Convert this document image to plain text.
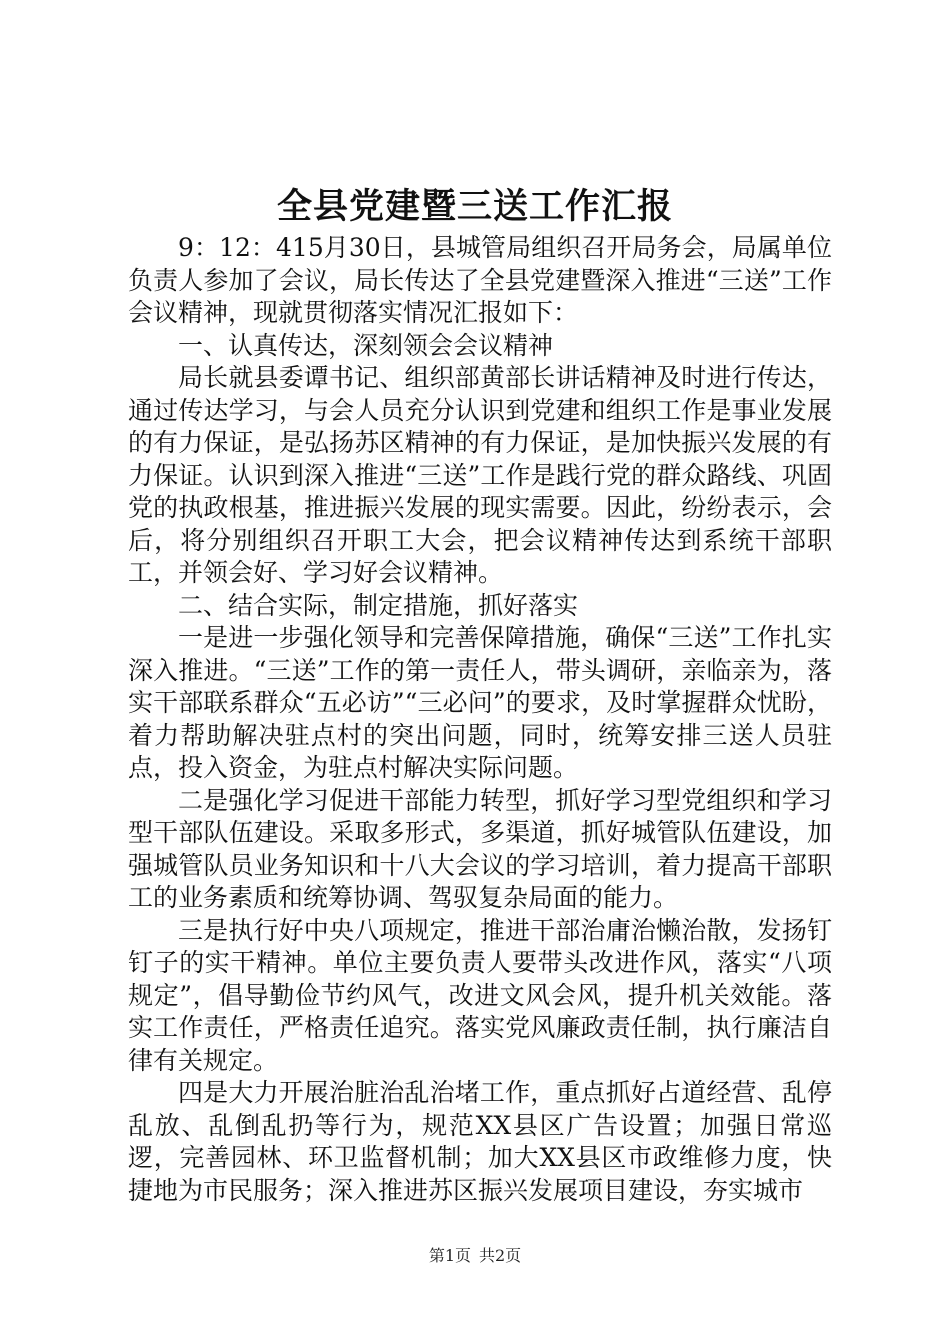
全县党建暨三送工作汇报

9：12：415月30日，县城管局组织召开局务会，局属单位负责人参加了会议，局长传达了全县党建暨深入推进“三送”工作会议精神，现就贯彻落实情况汇报如下：

一、认真传达，深刻领会会议精神

局长就县委谭书记、组织部黄部长讲话精神及时进行传达，通过传达学习，与会人员充分认识到党建和组织工作是事业发展的有力保证，是弘扬苏区精神的有力保证，是加快振兴发展的有力保证。认识到深入推进“三送”工作是践行党的群众路线、巩固党的执政根基，推进振兴发展的现实需要。因此，纷纷表示，会后，将分别组织召开职工大会，把会议精神传达到系统干部职工，并领会好、学习好会议精神。

二、结合实际，制定措施，抓好落实

一是进一步强化领导和完善保障措施，确保“三送”工作扎实深入推进。“三送”工作的第一责任人，带头调研，亲临亲为，落实干部联系群众“五必访”“三必问”的要求，及时掌握群众忧盼，着力帮助解决驻点村的突出问题，同时，统筹安排三送人员驻点，投入资金，为驻点村解决实际问题。

二是强化学习促进干部能力转型，抓好学习型党组织和学习型干部队伍建设。采取多形式，多渠道，抓好城管队伍建设，加强城管队员业务知识和十八大会议的学习培训，着力提高干部职工的业务素质和统筹协调、驾驭复杂局面的能力。

三是执行好中央八项规定，推进干部治庸治懒治散，发扬钉钉子的实干精神。单位主要负责人要带头改进作风，落实“八项规定”，倡导勤俭节约风气，改进文风会风，提升机关效能。落实工作责任，严格责任追究。落实党风廉政责任制，执行廉洁自律有关规定。

四是大力开展治脏治乱治堵工作，重点抓好占道经营、乱停乱放、乱倒乱扔等行为，规范XX县区广告设置；加强日常巡逻，完善园林、环卫监督机制；加大XX县区市政维修力度，快捷地为市民服务；深入推进苏区振兴发展项目建设，夯实城市

第1页 共2页
